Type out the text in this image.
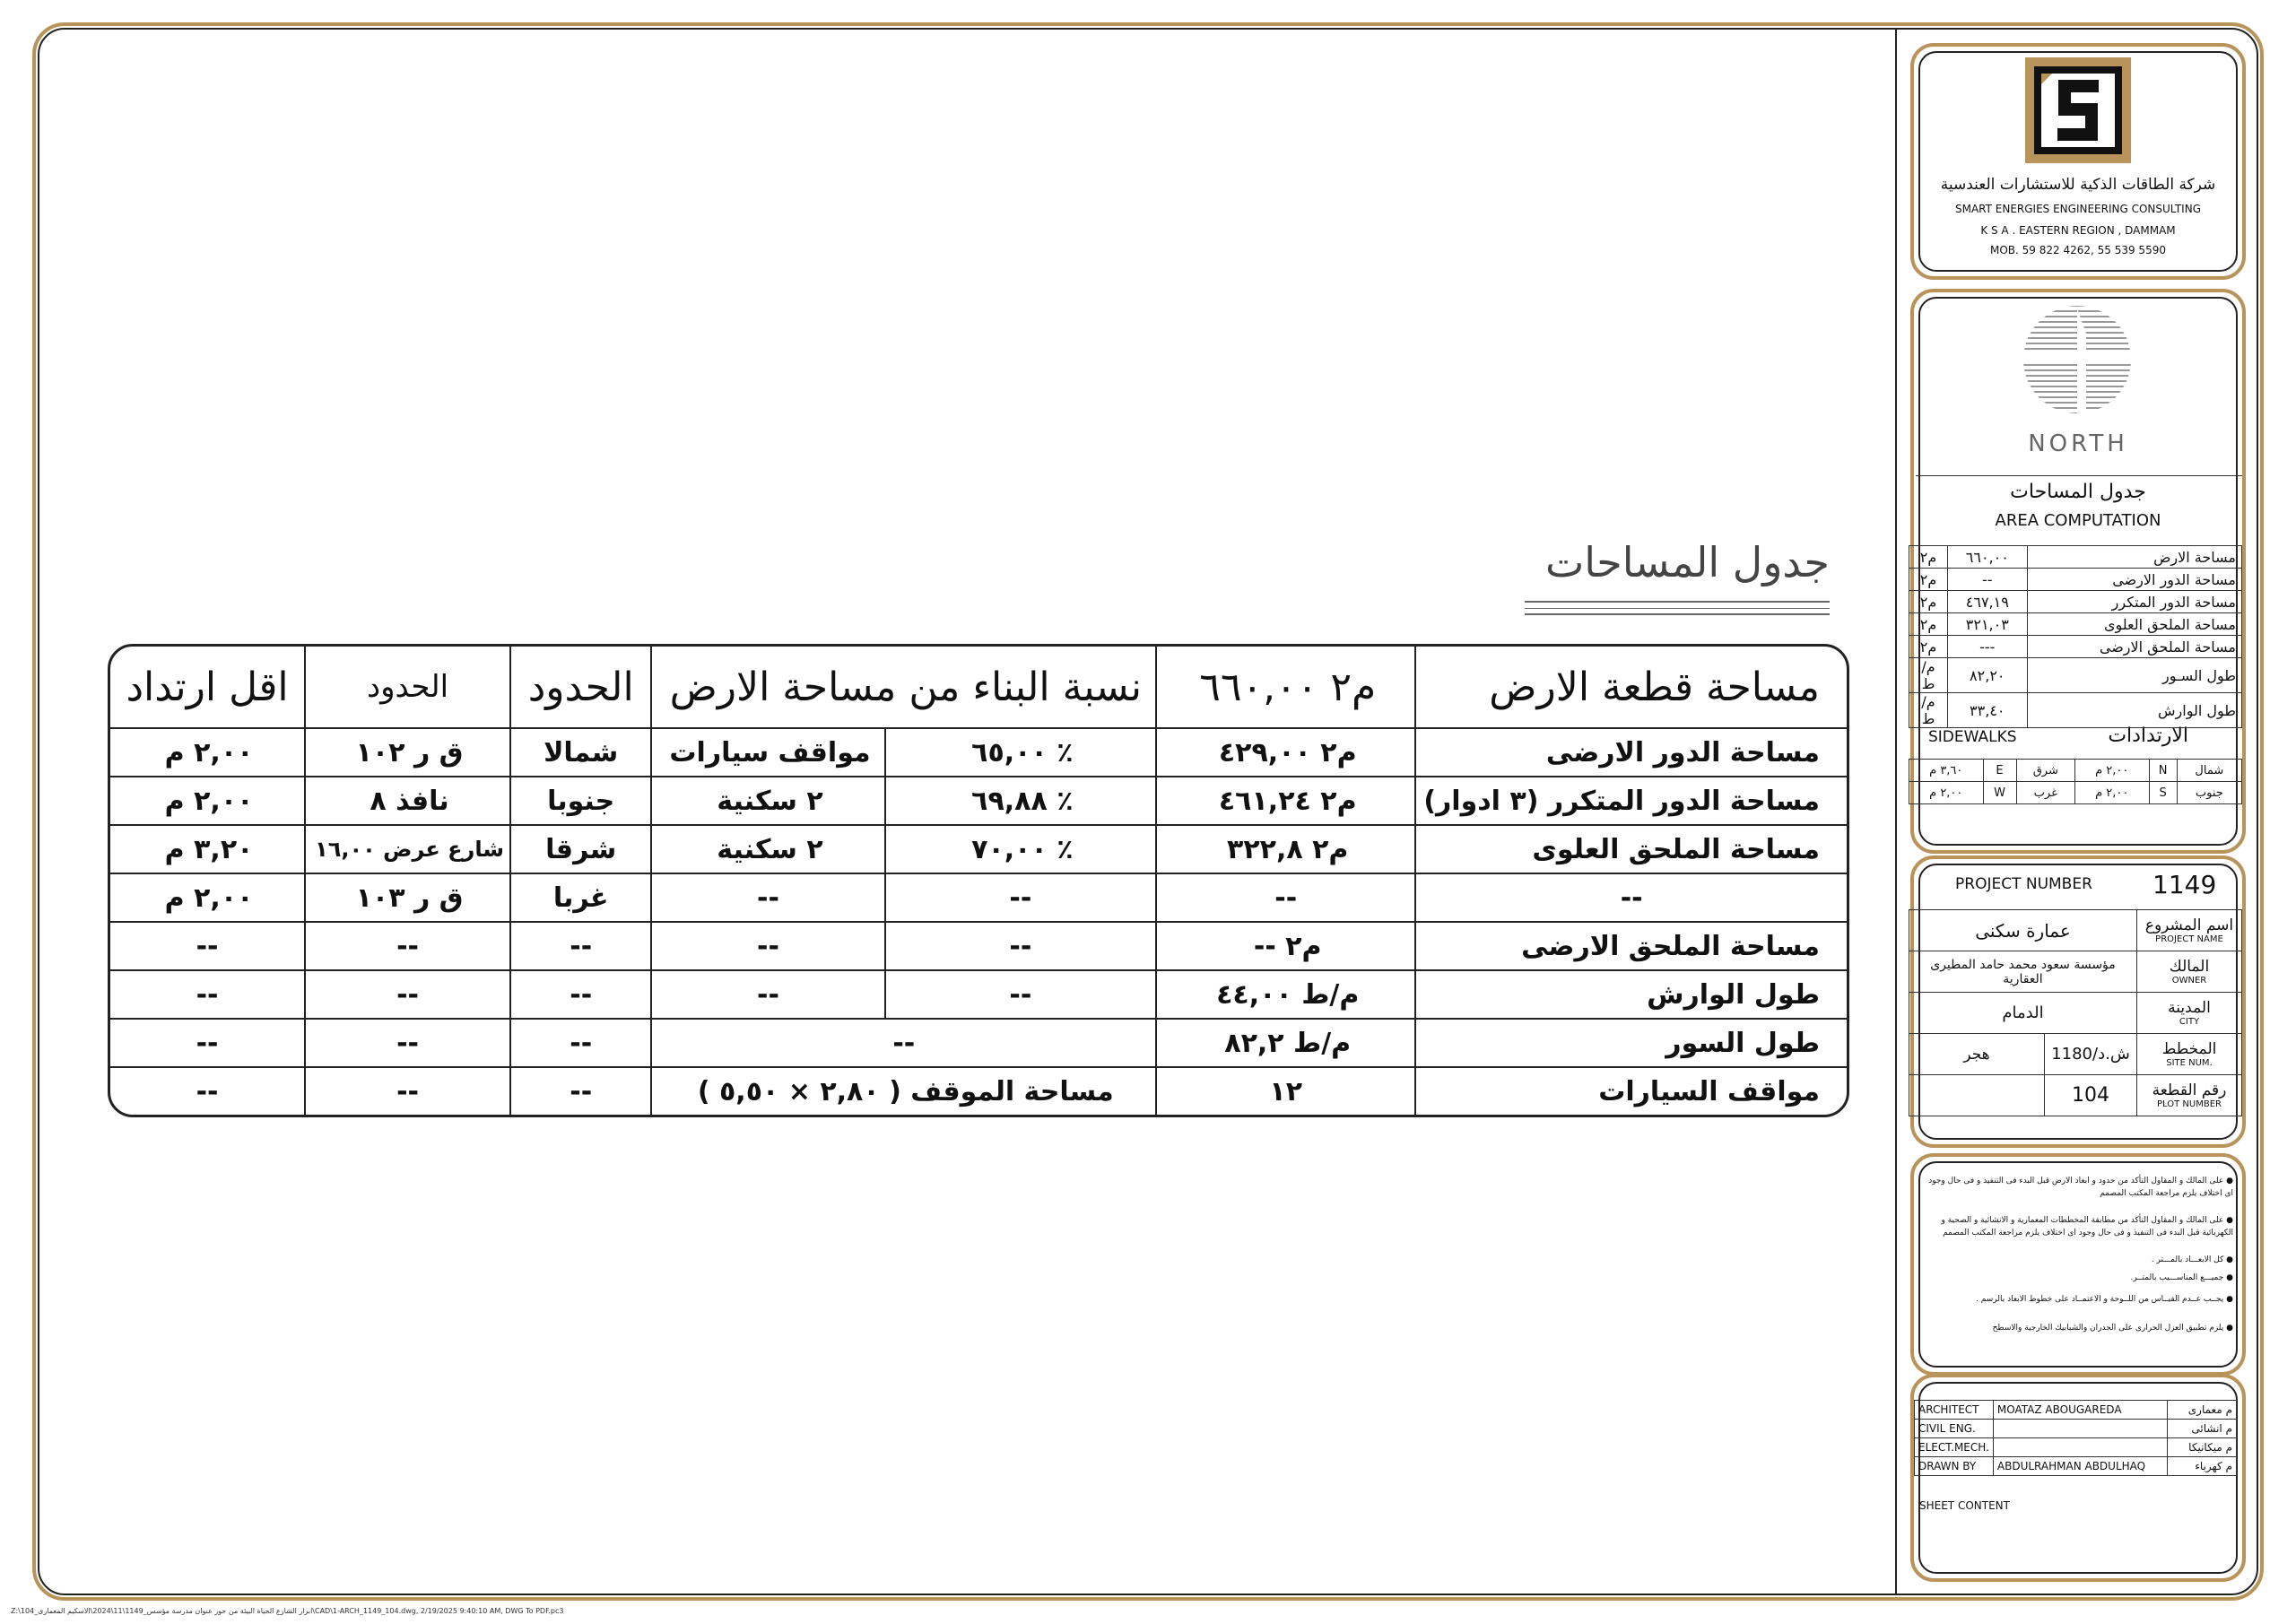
جدول المساحات
اقل ارتداد	الحدود	الحدود	نسبة البناء من مساحة الارض		م٢ ٦٦٠,٠٠	مساحة قطعة الارض
٢,٠٠ م	ق ر ١٠٢	شمالا	مواقف سيارات	٪ ٦٥,٠٠	م٢ ٤٢٩,٠٠	مساحة الدور الارضى
٢,٠٠ م	نافذ ٨	جنوبا	٢ سكنية	٪ ٦٩,٨٨	م٢ ٤٦١,٢٤	مساحة الدور المتكرر (٣ ادوار)
٣,٢٠ م	شارع عرض ١٦,٠٠	شرقا	٢ سكنية	٪ ٧٠,٠٠	م٢ ٣٢٢,٨	مساحة الملحق العلوى
٢,٠٠ م	ق ر ١٠٣	غربا	--	--	--	--
--	--	--	--	--	م٢ --	مساحة الملحق الارضى
--	--	--	--	--	م/ط ٤٤,٠٠	طول الوارش
--	--	--	--		م/ط ٨٢,٢	طول السور
--	--	--	مساحة الموقف ( ٢,٨٠ × ٥,٥٠ )		١٢	مواقف السيارات
شركة الطاقات الذكية للاستشارات العندسية
SMART ENERGIES ENGINEERING CONSULTING
K S A . EASTERN REGION , DAMMAM
MOB. 59 822 4262, 55 539 5590
NORTH
جدول المساحات
AREA COMPUTATION
مساحة الارض	٦٦٠,٠٠	م٢
مساحة الدور الارضى	--	م٢
مساحة الدور المتكرر	٤٦٧,١٩	م٢
مساحة الملحق العلوى	٣٢١,٠٣	م٢
مساحة الملحق الارضى	---	م٢
طول السـور	٨٢,٢٠	م/ط
طول الوارش	٣٣,٤٠	م/ط
SIDEWALKS	الارتدادات
شمال	N	٢,٠٠ م	شرق	E	٣,٦٠ م
جنوب	S	٢,٠٠ م	غرب	W	٢,٠٠ م
PROJECT NUMBER 1149
عمارة سكنى		اسم المشروع
PROJECT NAME

مؤسسة سعود محمد حامد المطيرى العقارية		المالك
OWNER

الدمام		المدينة
CITY

هجر	1180/ش.د	المخطط
SITE NUM.

	104	رقم القطعة
PLOT NUMBER
● على المالك و المقاول التأكد من حدود و ابعاد الارض قبل البدء فى التنفيذ و فى حال وجود اى اختلاف يلزم مراجعة المكتب المصمم
● على المالك و المقاول التأكد من مطابقة المخططات المعمارية و الانشائية و الصحية و الكهربائية قبل البدء فى التنفيذ و فى حال وجود اى اختلاف يلزم مراجعة المكتب المصمم
● كل الابعـــاد بالمـــتر .
● جميـــع المناســـيب بالمتــر.
● يجــب عــدم القيــاس من اللــوحة و الاعتمــاد على خطوط الابعاد بالرسم .
● يلزم تطبيق العزل الحرارى على الجدران والشبابيك الخارجية والاسطح
ARCHITECT	MOATAZ ABOUGAREDA	م معمارى
CIVIL ENG.		م انشائى
ELECT.MECH.		م ميكانيكا
DRAWN BY	ABDULRAHMAN ABDULHAQ	م كهرباء
SHEET CONTENT
Z:\104_ابرار الشارع الحياة البيئة من حوز عنوان مدرسة مؤسس_1149\11\2024\الاسكيم المعمارى\CAD\1-ARCH_1149_104.dwg, 2/19/2025 9:40:10 AM, DWG To PDF.pc3
